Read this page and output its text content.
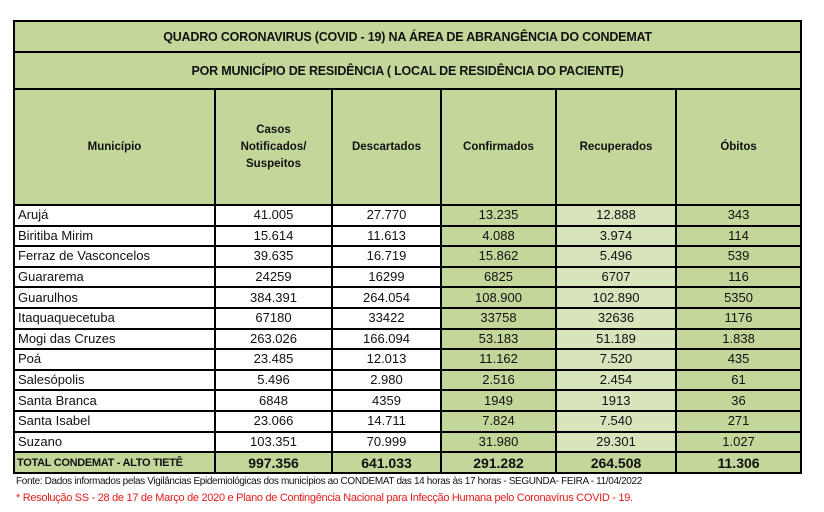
QUADRO CORONAVIRUS (COVID - 19) NA ÁREA DE ABRANGÊNCIA DO CONDEMAT					
POR MUNICÍPIO DE RESIDÊNCIA ( LOCAL DE RESIDÊNCIA DO PACIENTE)					
Município	Casos Notificados/ Suspeitos	Descartados	Confirmados	Recuperados	Óbitos
Arujá	41.005	27.770	13.235	12.888	343
Biritiba Mirim	15.614	11.613	4.088	3.974	114
Ferraz de Vasconcelos	39.635	16.719	15.862	5.496	539
Guararema	24259	16299	6825	6707	116
Guarulhos	384.391	264.054	108.900	102.890	5350
Itaquaquecetuba	67180	33422	33758	32636	1176
Mogi das Cruzes	263.026	166.094	53.183	51.189	1.838
Poá	23.485	12.013	11.162	7.520	435
Salesópolis	5.496	2.980	2.516	2.454	61
Santa Branca	6848	4359	1949	1913	36
Santa Isabel	23.066	14.711	7.824	7.540	271
Suzano	103.351	70.999	31.980	29.301	1.027
TOTAL CONDEMAT - ALTO TIETÊ	997.356	641.033	291.282	264.508	11.306
Fonte: Dados informados pelas Vigilâncias Epidemiológicas dos municípios ao CONDEMAT das 14 horas às 17 horas - SEGUNDA- FEIRA - 11/04/2022
* Resolução SS - 28 de 17 de Março de 2020 e Plano de Contingência Nacional para Infecção Humana pelo Coronavírus COVID - 19.
